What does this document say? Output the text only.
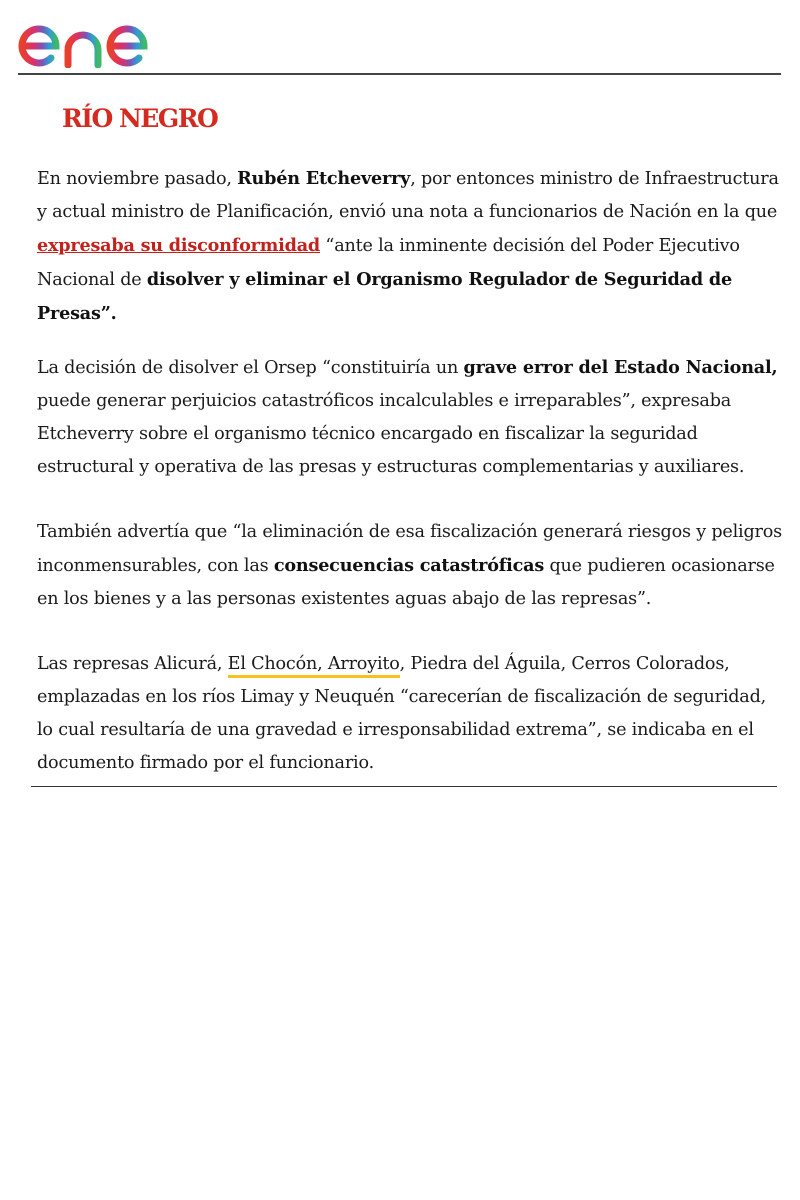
RÍO NEGRO

En noviembre pasado, Rubén Etcheverry, por entonces ministro de Infraestructura y actual ministro de Planificación, envió una nota a funcionarios de Nación en la que expresaba su disconformidad “ante la inminente decisión del Poder Ejecutivo Nacional de disolver y eliminar el Organismo Regulador de Seguridad de Presas”.

La decisión de disolver el Orsep “constituiría un grave error del Estado Nacional, puede generar perjuicios catastróficos incalculables e irreparables”, expresaba Etcheverry sobre el organismo técnico encargado en fiscalizar la seguridad estructural y operativa de las presas y estructuras complementarias y auxiliares.

También advertía que “la eliminación de esa fiscalización generará riesgos y peligros inconmensurables, con las consecuencias catastróficas que pudieren ocasionarse en los bienes y a las personas existentes aguas abajo de las represas”.

Las represas Alicurá, El Chocón, Arroyito, Piedra del Águila, Cerros Colorados, emplazadas en los ríos Limay y Neuquén “carecerían de fiscalización de seguridad, lo cual resultaría de una gravedad e irresponsabilidad extrema”, se indicaba en el documento firmado por el funcionario.
